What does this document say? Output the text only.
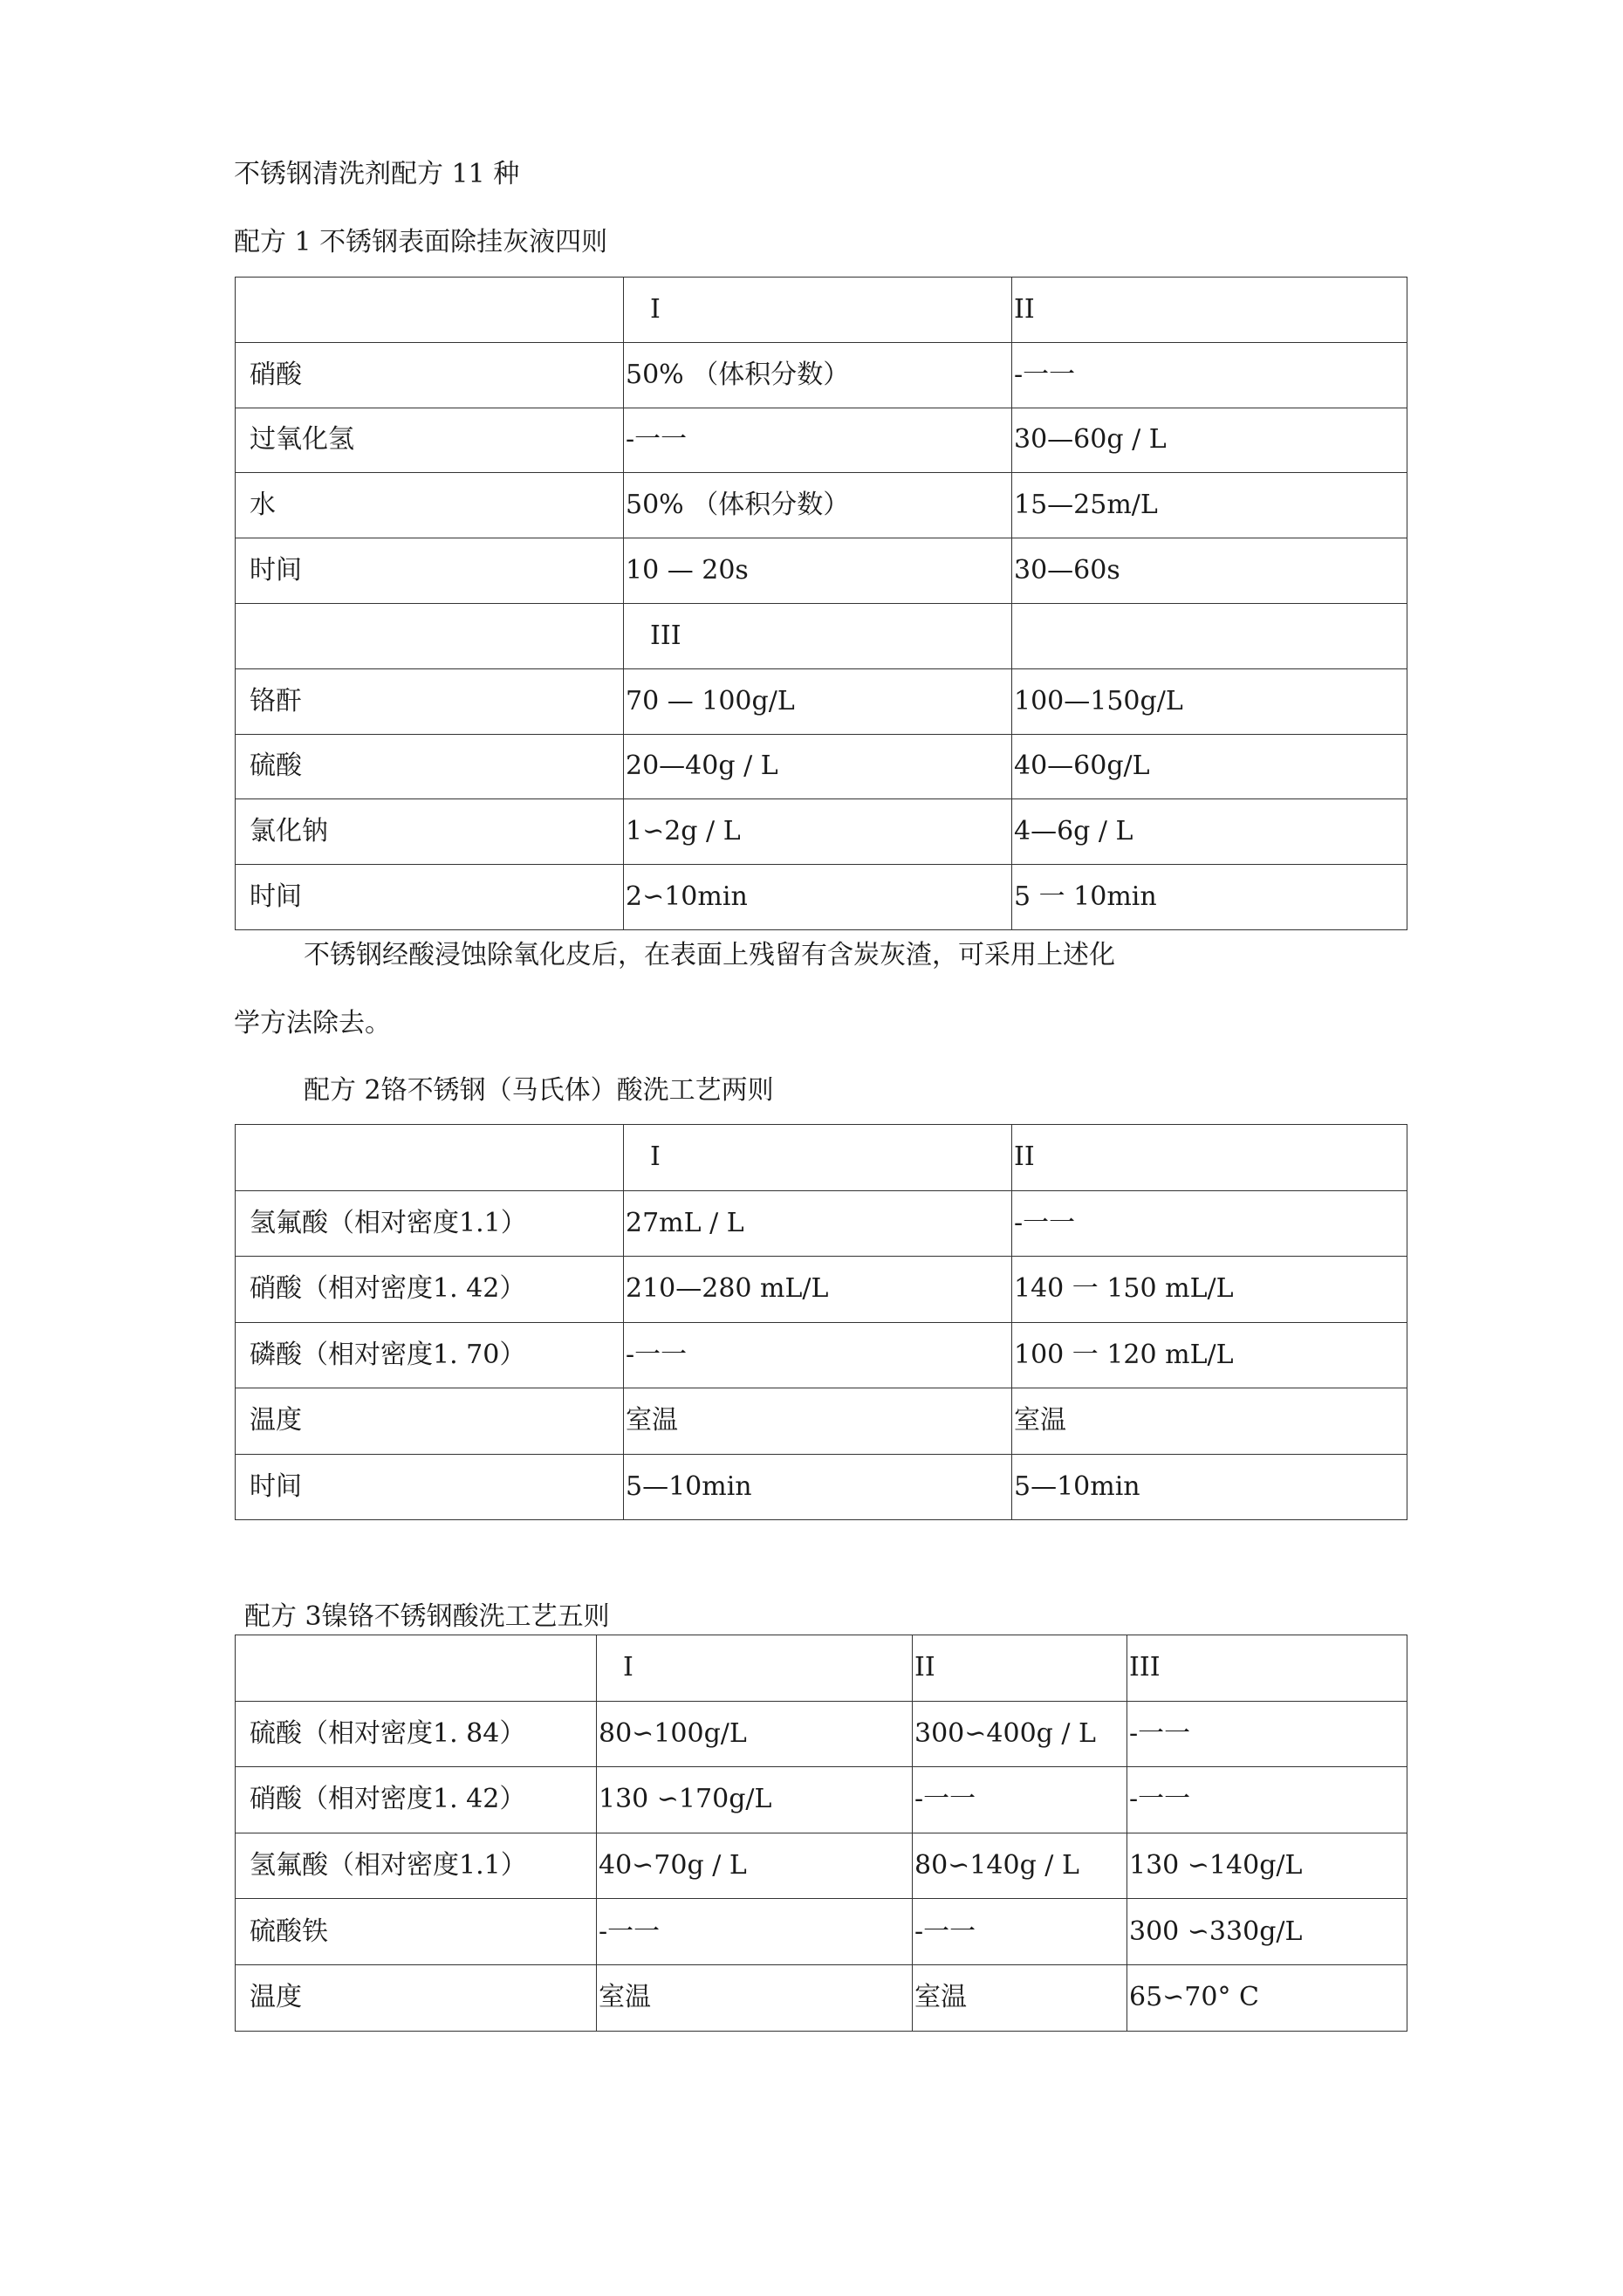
不锈钢清洗剂配方 11 种
配方 1 不锈钢表面除挂灰液四则
	I	II
硝酸	50% （体积分数）	-一一
过氧化氢	-一一	30—60g / L
水	50% （体积分数）	15—25m/L
时间	10 — 20s	30—60s
	III	
铬酐	70 — 100g/L	100—150g/L
硫酸	20—40g / L	40—60g/L
氯化钠	1∽2g / L	4—6g / L
时间	2∽10min	5 一 10min
不锈钢经酸浸蚀除氧化皮后，在表面上残留有含炭灰渣，可采用上述化
学方法除去。
配方 2铬不锈钢（马氏体）酸洗工艺两则
	I	II
氢氟酸（相对密度1.1）	27mL / L	-一一
硝酸（相对密度1. 42）	210—280 mL/L	140 一 150 mL/L
磷酸（相对密度1. 70）	-一一	100 一 120 mL/L
温度	室温	室温
时间	5—10min	5—10min
配方 3镍铬不锈钢酸洗工艺五则
	I	II	III
硫酸（相对密度1. 84）	80∽100g/L	300∽400g / L	-一一
硝酸（相对密度1. 42）	130 ∽170g/L	-一一	-一一
氢氟酸（相对密度1.1）	40∽70g / L	80∽140g / L	130 ∽140g/L
硫酸铁	-一一	-一一	300 ∽330g/L
温度	室温	室温	65∽70° C
